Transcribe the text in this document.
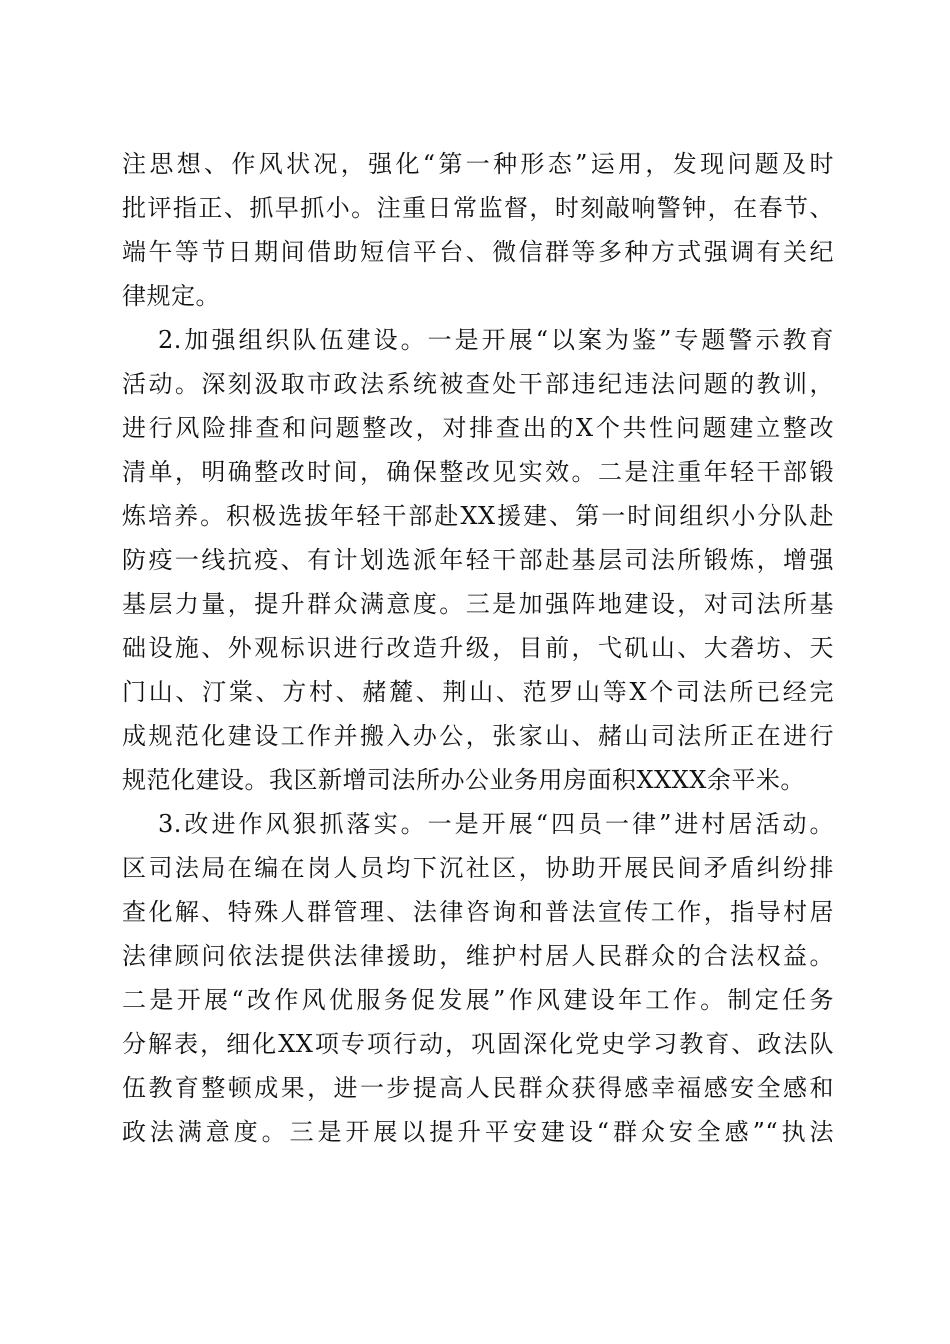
注思想、作风状况，强化“第一种形态”运用，发现问题及时
批评指正、抓早抓小。注重日常监督，时刻敲响警钟，在春节、
端午等节日期间借助短信平台、微信群等多种方式强调有关纪
律规定。
2.加强组织队伍建设。一是开展“以案为鉴”专题警示教育
活动。深刻汲取市政法系统被查处干部违纪违法问题的教训，
进行风险排查和问题整改，对排查出的X个共性问题建立整改
清单，明确整改时间，确保整改见实效。二是注重年轻干部锻
炼培养。积极选拔年轻干部赴XX援建、第一时间组织小分队赴
防疫一线抗疫、有计划选派年轻干部赴基层司法所锻炼，增强
基层力量，提升群众满意度。三是加强阵地建设，对司法所基
础设施、外观标识进行改造升级，目前，弋矶山、大砻坊、天
门山、汀棠、方村、赭麓、荆山、范罗山等X个司法所已经完
成规范化建设工作并搬入办公，张家山、赭山司法所正在进行
规范化建设。我区新增司法所办公业务用房面积XXXX余平米。
3.改进作风狠抓落实。一是开展“四员一律”进村居活动。
区司法局在编在岗人员均下沉社区，协助开展民间矛盾纠纷排
查化解、特殊人群管理、法律咨询和普法宣传工作，指导村居
法律顾问依法提供法律援助，维护村居人民群众的合法权益。
二是开展“改作风优服务促发展”作风建设年工作。制定任务
分解表，细化XX项专项行动，巩固深化党史学习教育、政法队
伍教育整顿成果，进一步提高人民群众获得感幸福感安全感和
政法满意度。三是开展以提升平安建设“群众安全感”“执法
